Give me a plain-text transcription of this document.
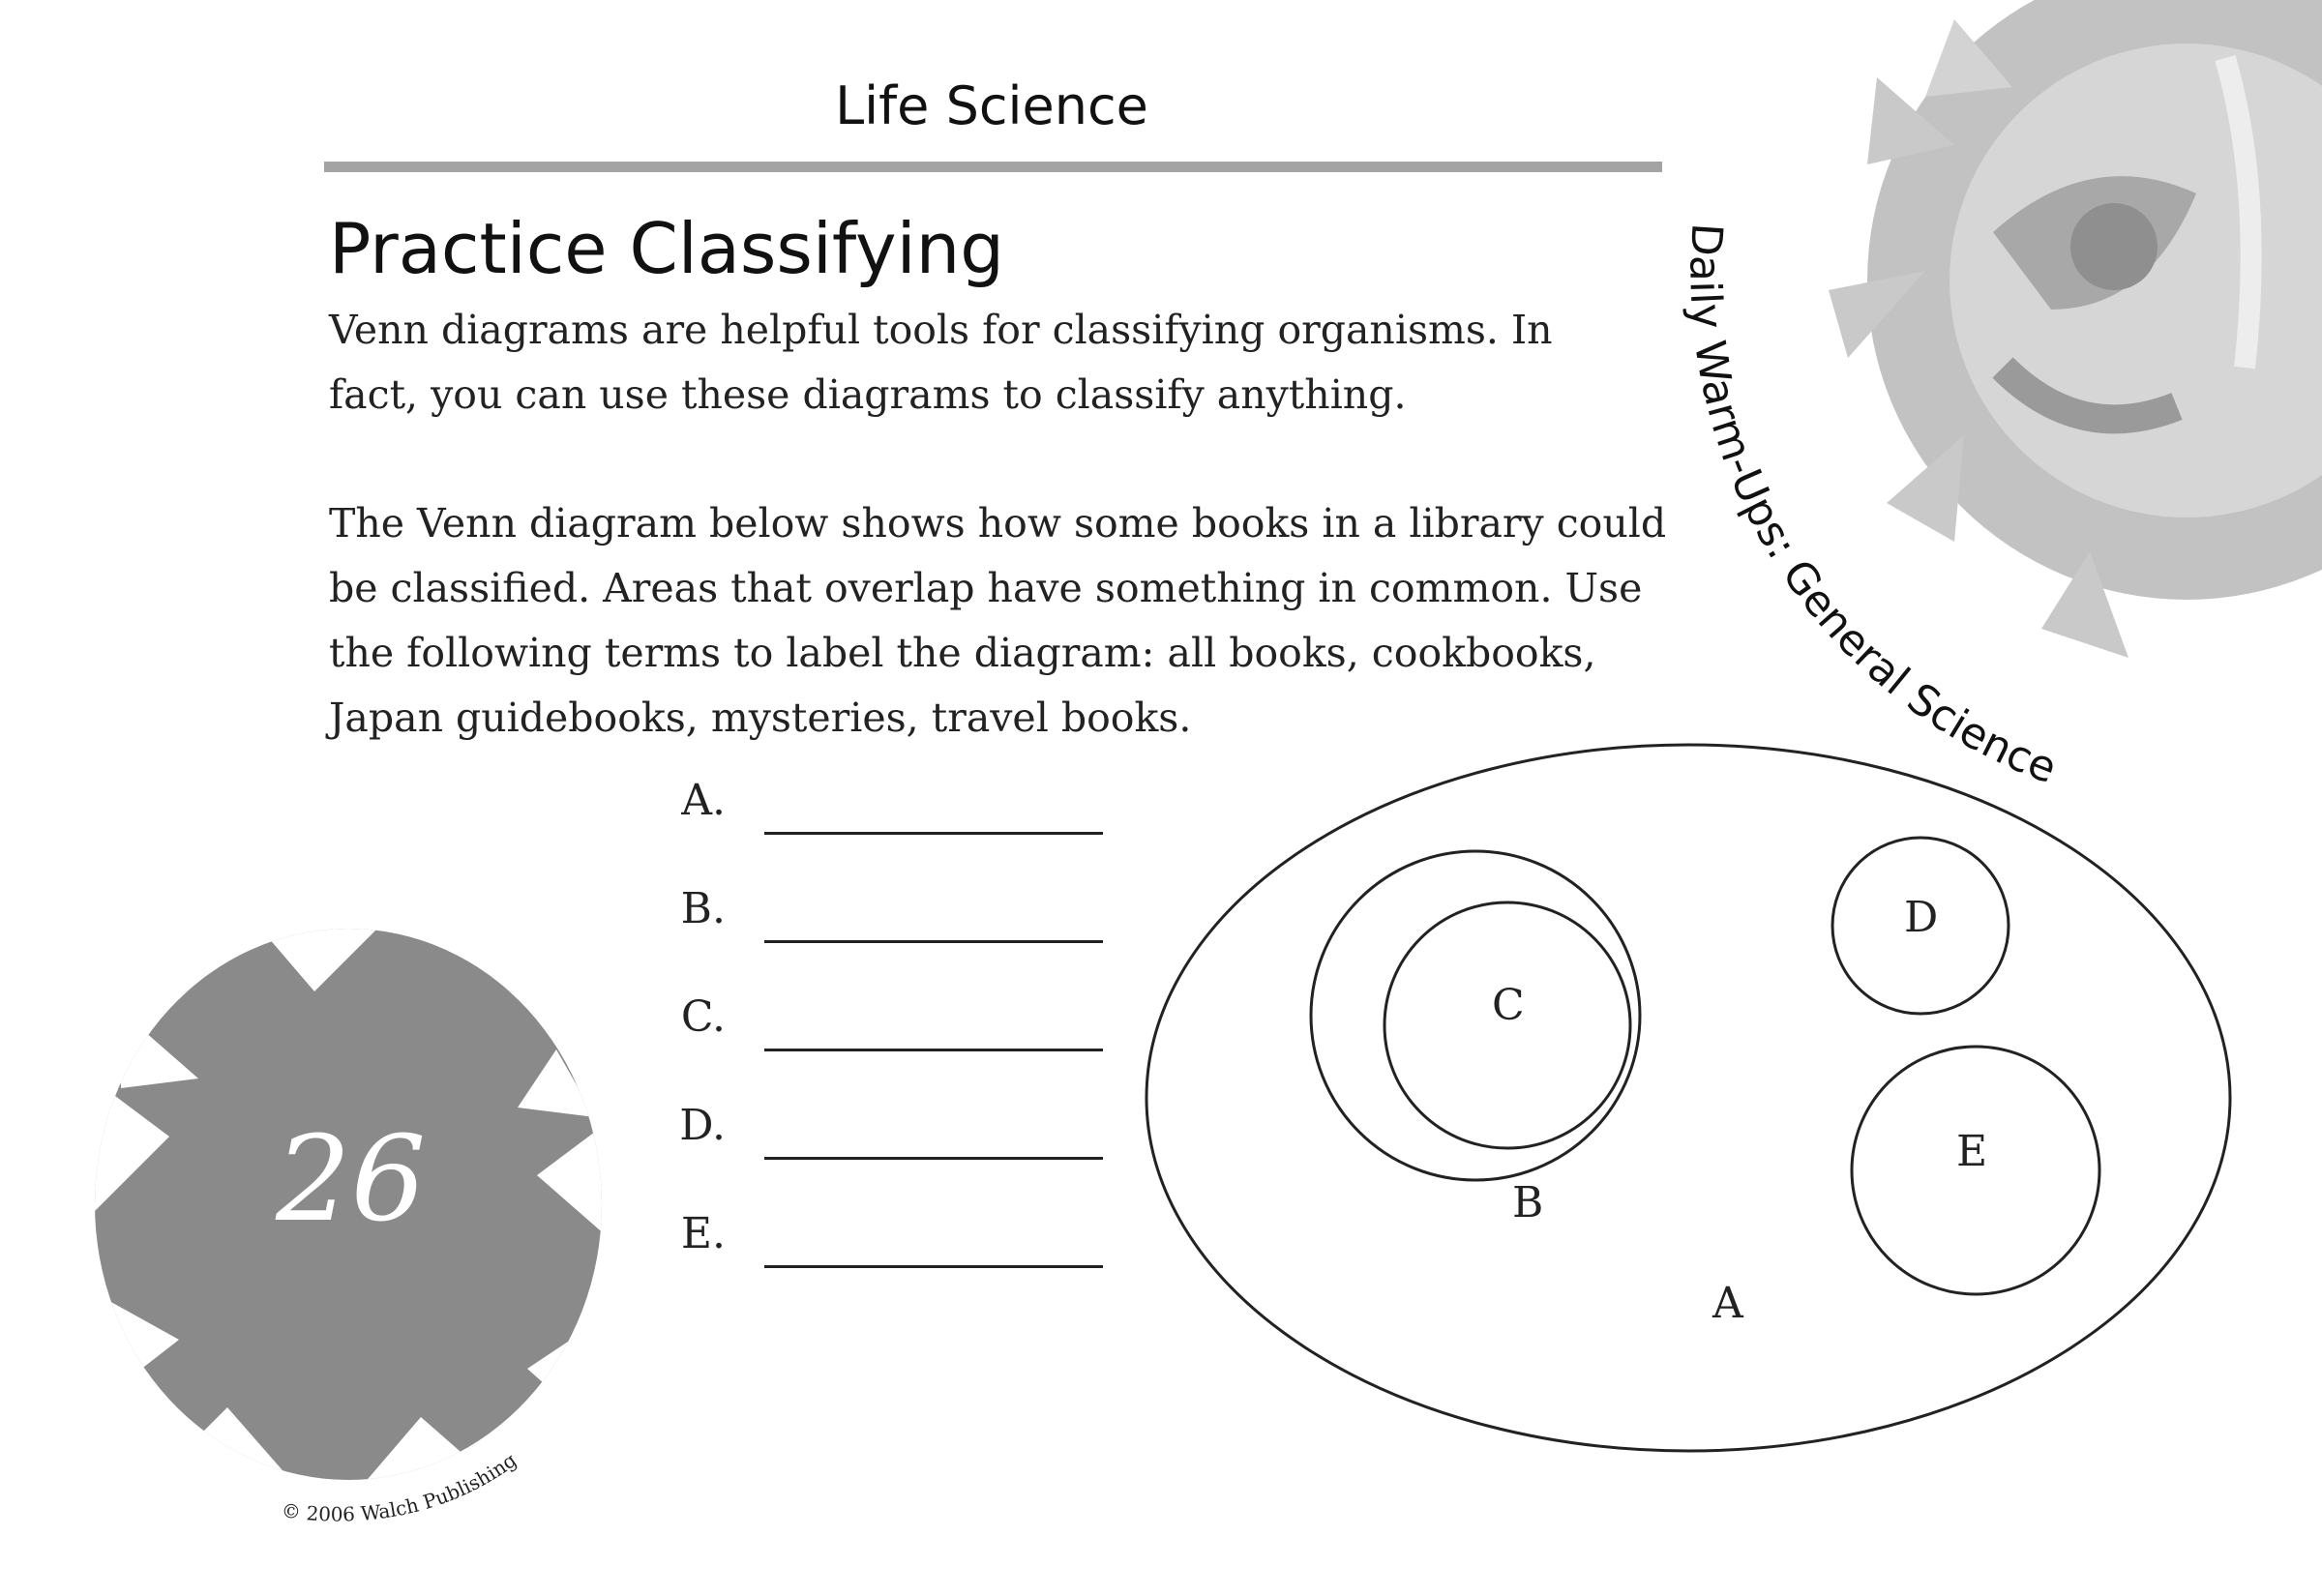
Life Science
Practice Classifying

Venn diagrams are helpful tools for classifying organisms. In fact, you can use these diagrams to classify anything.

The Venn diagram below shows how some books in a library could be classified. Areas that overlap have something in common. Use the following terms to label the diagram: all books, cookbooks, Japan guidebooks, mysteries, travel books.

A.
B.
C.
D.
E.
A
B
C
D
E
26
Daily Warm-Ups: General Science
© 2006 Walch Publishing
